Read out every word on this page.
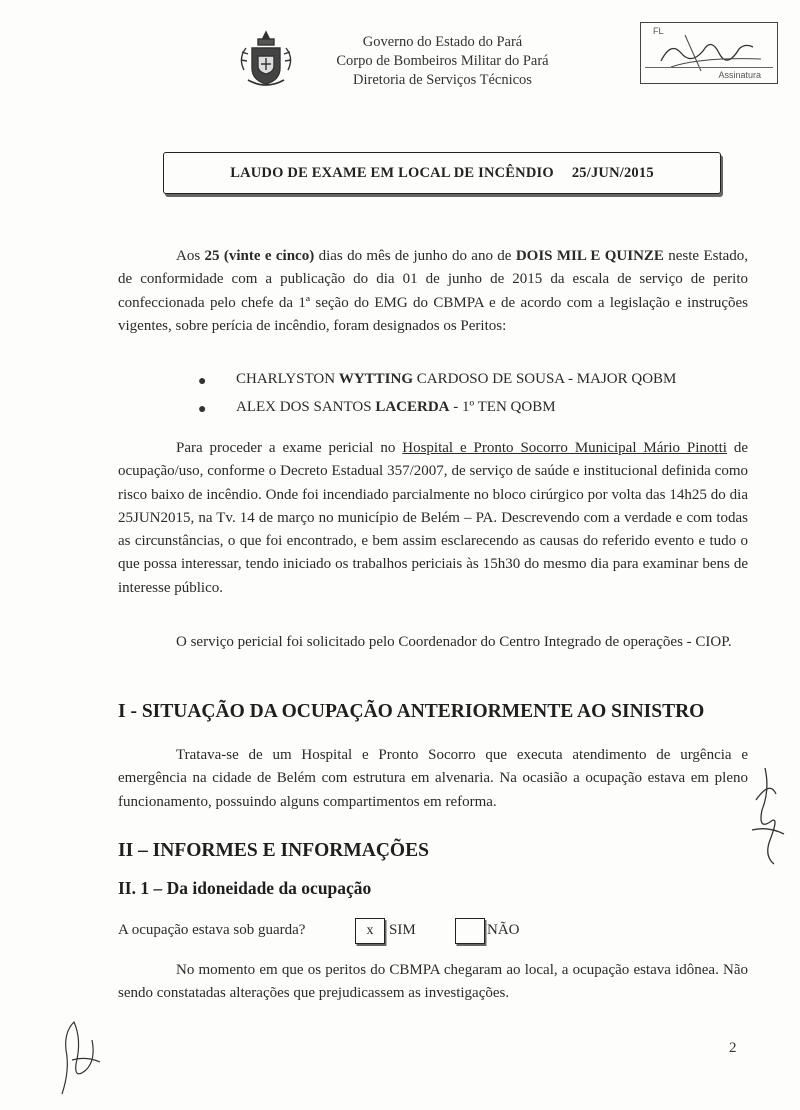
Governo do Estado do Pará
Corpo de Bombeiros Militar do Pará
Diretoria de Serviços Técnicos
FL
Assinatura
LAUDO DE EXAME EM LOCAL DE INCÊNDIO 25/JUN/2015
Aos 25 (vinte e cinco) dias do mês de junho do ano de DOIS MIL E QUINZE neste Estado, de conformidade com a publicação do dia 01 de junho de 2015 da escala de serviço de perito confeccionada pelo chefe da 1ª seção do EMG do CBMPA e de acordo com a legislação e instruções vigentes, sobre perícia de incêndio, foram designados os Peritos:
● CHARLYSTON WYTTING CARDOSO DE SOUSA - MAJOR QOBM
● ALEX DOS SANTOS LACERDA - 1º TEN QOBM
Para proceder a exame pericial no Hospital e Pronto Socorro Municipal Mário Pinotti de ocupação/uso, conforme o Decreto Estadual 357/2007, de serviço de saúde e institucional definida como risco baixo de incêndio. Onde foi incendiado parcialmente no bloco cirúrgico por volta das 14h25 do dia 25JUN2015, na Tv. 14 de março no município de Belém – PA. Descrevendo com a verdade e com todas as circunstâncias, o que foi encontrado, e bem assim esclarecendo as causas do referido evento e tudo o que possa interessar, tendo iniciado os trabalhos periciais às 15h30 do mesmo dia para examinar bens de interesse público.
O serviço pericial foi solicitado pelo Coordenador do Centro Integrado de operações - CIOP.
I - SITUAÇÃO DA OCUPAÇÃO ANTERIORMENTE AO SINISTRO
Tratava-se de um Hospital e Pronto Socorro que executa atendimento de urgência e emergência na cidade de Belém com estrutura em alvenaria. Na ocasião a ocupação estava em pleno funcionamento, possuindo alguns compartimentos em reforma.
II – INFORMES E INFORMAÇÕES
II. 1 – Da idoneidade da ocupação
A ocupação estava sob guarda?	x SIM	NÃO
No momento em que os peritos do CBMPA chegaram ao local, a ocupação estava idônea. Não sendo constatadas alterações que prejudicassem as investigações.
2
